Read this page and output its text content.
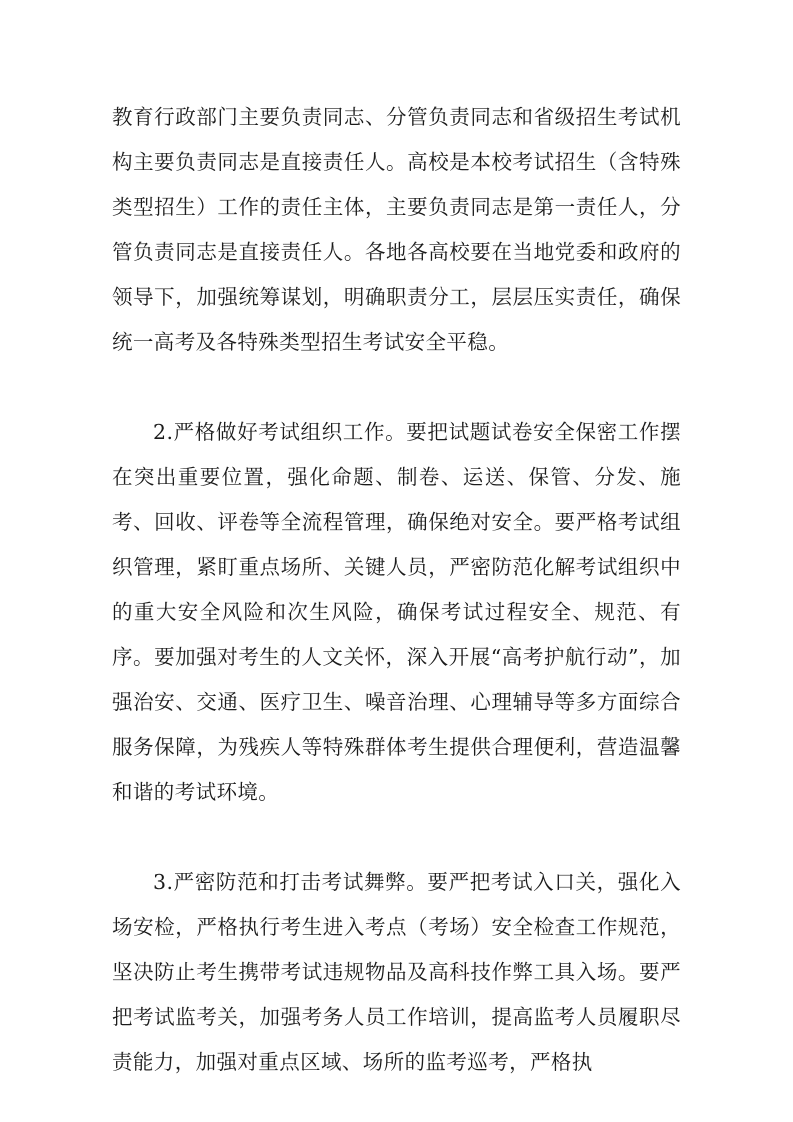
教育行政部门主要负责同志、分管负责同志和省级招生考试机构主要负责同志是直接责任人。高校是本校考试招生（含特殊类型招生）工作的责任主体，主要负责同志是第一责任人，分管负责同志是直接责任人。各地各高校要在当地党委和政府的领导下，加强统筹谋划，明确职责分工，层层压实责任，确保统一高考及各特殊类型招生考试安全平稳。

2.严格做好考试组织工作。要把试题试卷安全保密工作摆在突出重要位置，强化命题、制卷、运送、保管、分发、施考、回收、评卷等全流程管理，确保绝对安全。要严格考试组织管理，紧盯重点场所、关键人员，严密防范化解考试组织中的重大安全风险和次生风险，确保考试过程安全、规范、有序。要加强对考生的人文关怀，深入开展“高考护航行动”，加强治安、交通、医疗卫生、噪音治理、心理辅导等多方面综合服务保障，为残疾人等特殊群体考生提供合理便利，营造温馨和谐的考试环境。

3.严密防范和打击考试舞弊。要严把考试入口关，强化入场安检，严格执行考生进入考点（考场）安全检查工作规范，坚决防止考生携带考试违规物品及高科技作弊工具入场。要严把考试监考关，加强考务人员工作培训，提高监考人员履职尽责能力，加强对重点区域、场所的监考巡考，严格执
